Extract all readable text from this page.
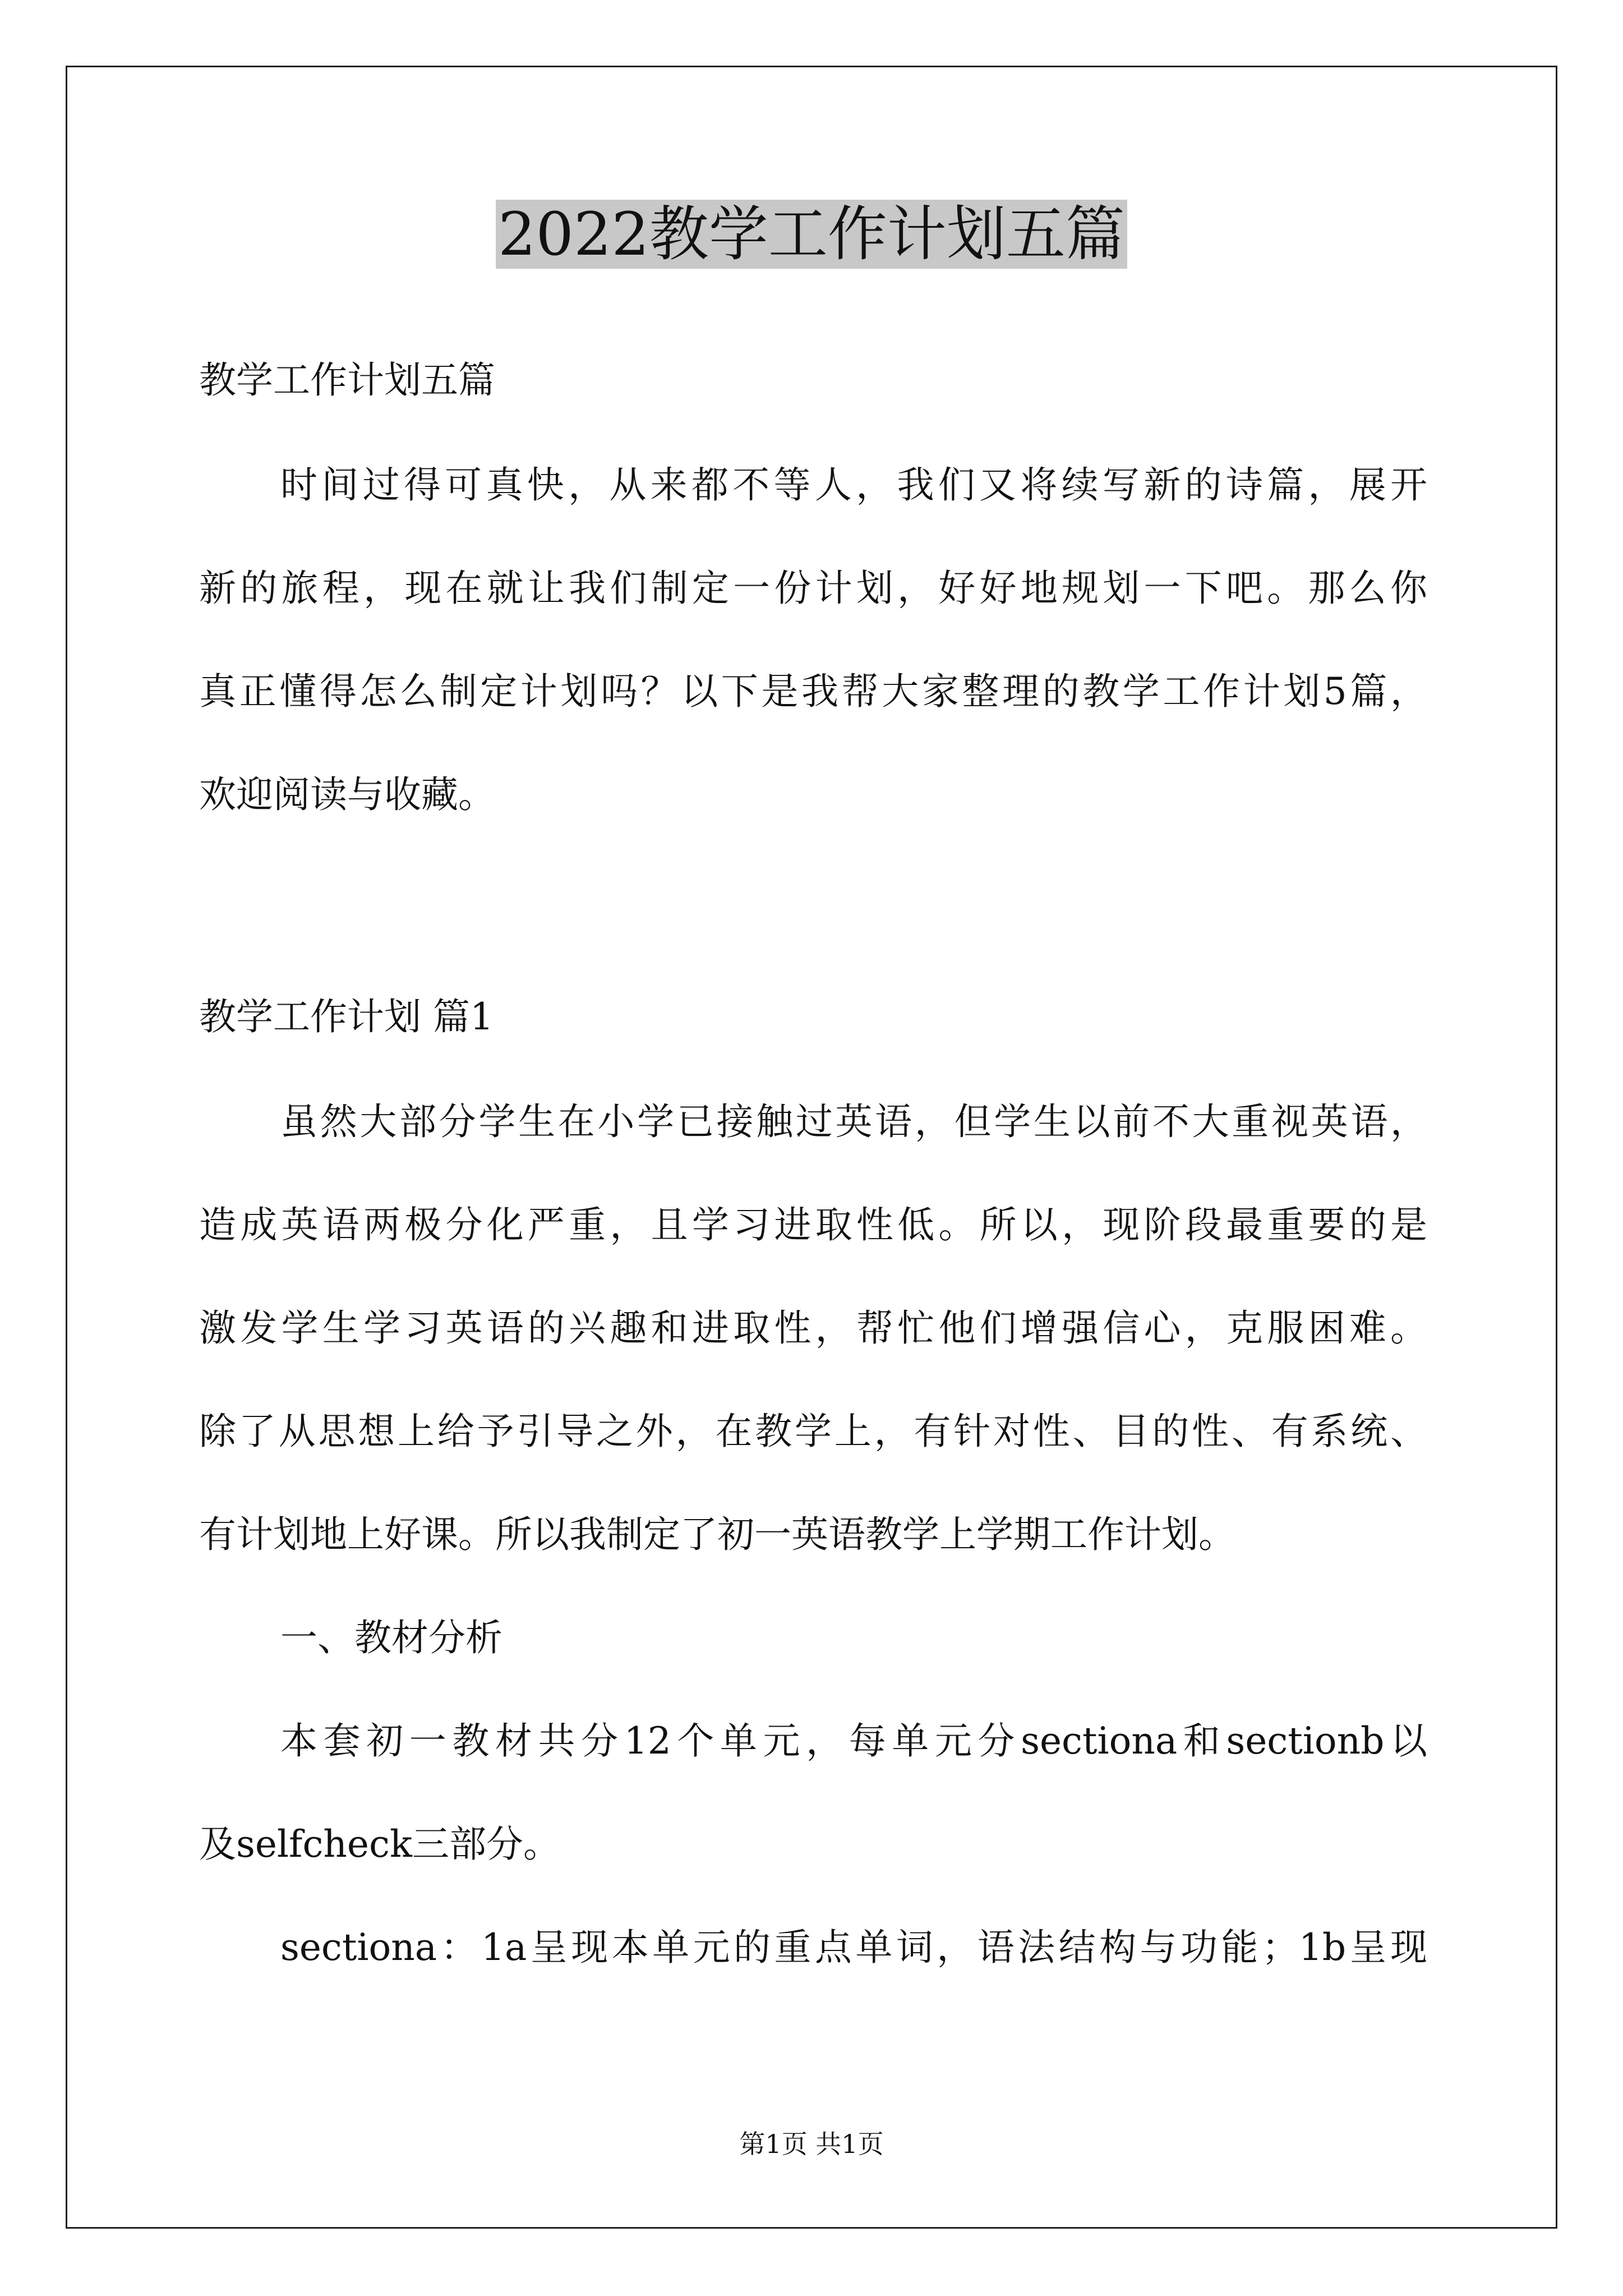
2022教学工作计划五篇

教学工作计划五篇

时间过得可真快，从来都不等人，我们又将续写新的诗篇，展开

新的旅程，现在就让我们制定一份计划，好好地规划一下吧。那么你

真正懂得怎么制定计划吗？以下是我帮大家整理的教学工作计划5篇，

欢迎阅读与收藏。

教学工作计划 篇1

虽然大部分学生在小学已接触过英语，但学生以前不大重视英语，

造成英语两极分化严重，且学习进取性低。所以，现阶段最重要的是

激发学生学习英语的兴趣和进取性，帮忙他们增强信心，克服困难。

除了从思想上给予引导之外，在教学上，有针对性、目的性、有系统、

有计划地上好课。所以我制定了初一英语教学上学期工作计划。

一、教材分析

本套初一教材共分12个单元，每单元分sectiona和sectionb以

及selfcheck三部分。

sectiona：1a呈现本单元的重点单词，语法结构与功能；1b呈现

第1页 共1页
